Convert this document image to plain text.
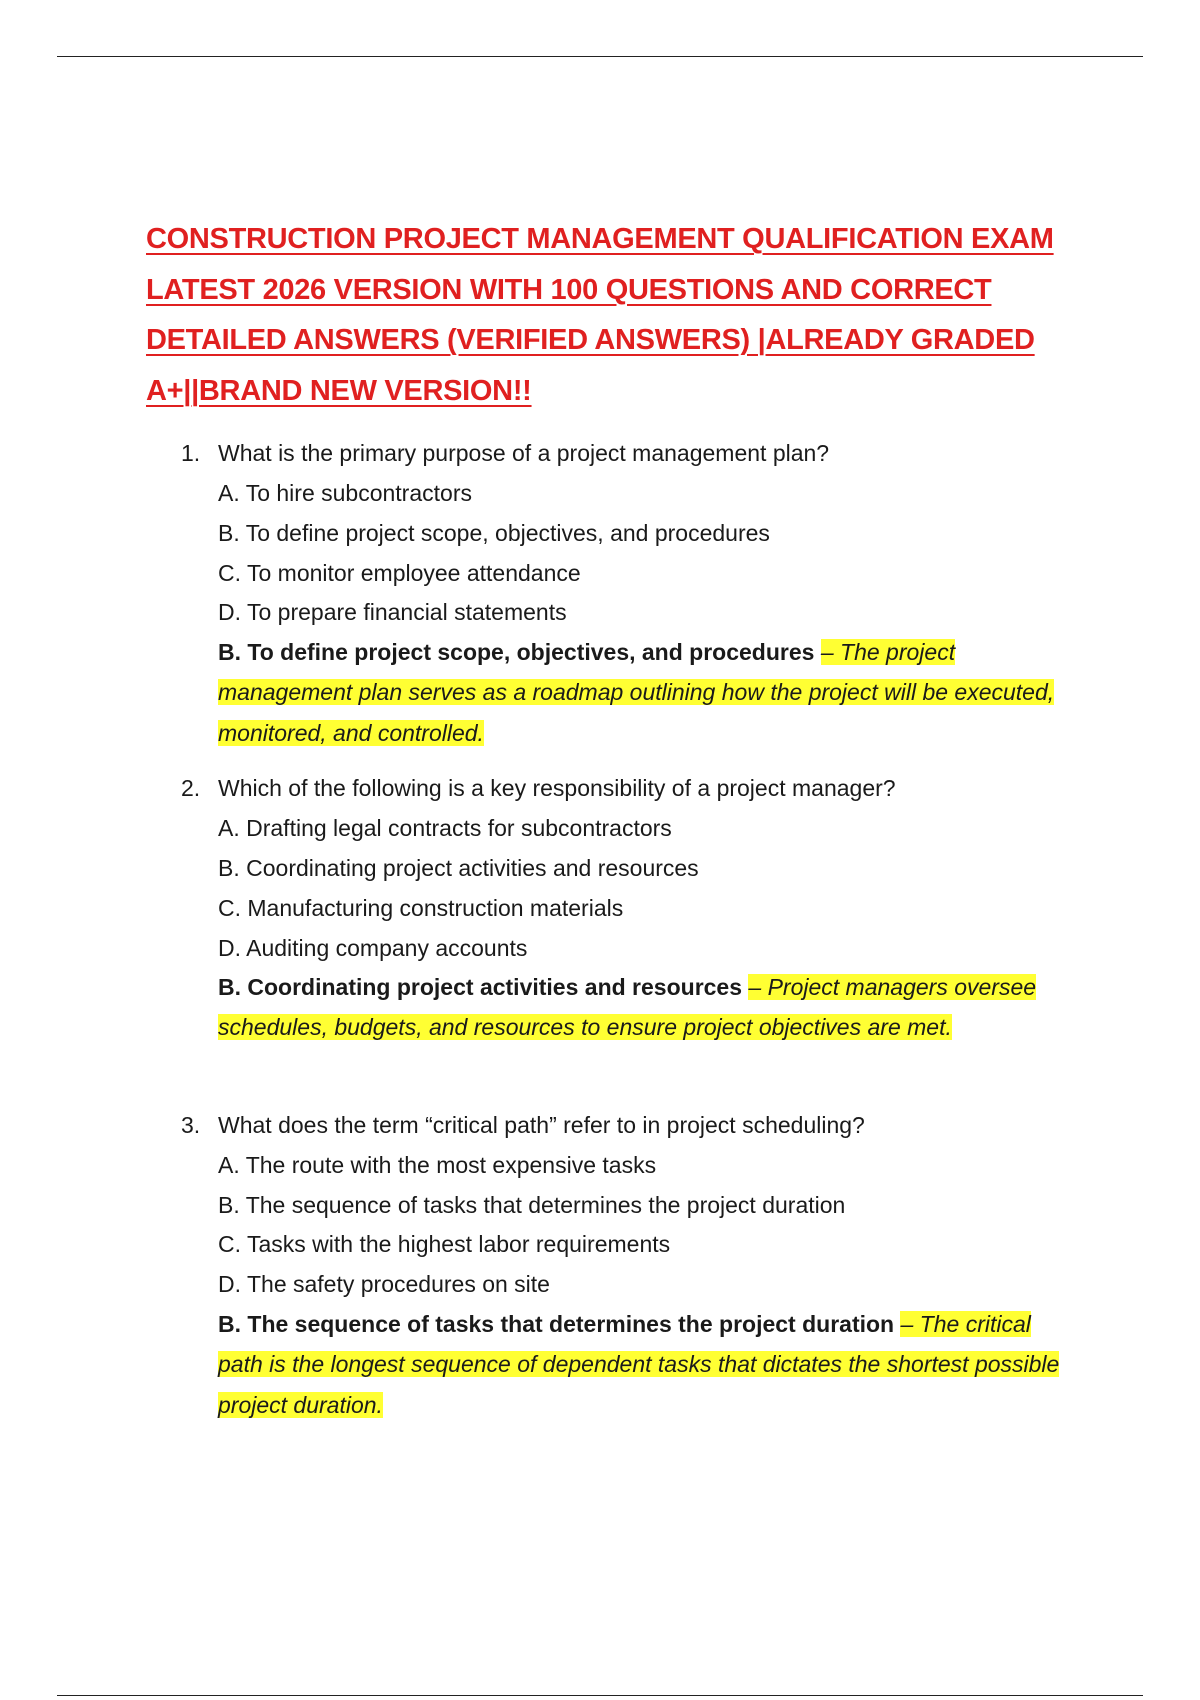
CONSTRUCTION PROJECT MANAGEMENT QUALIFICATION EXAM LATEST 2026 VERSION WITH 100 QUESTIONS AND CORRECT DETAILED ANSWERS (VERIFIED ANSWERS) |ALREADY GRADED A+||BRAND NEW VERSION!!
1. What is the primary purpose of a project management plan?
A. To hire subcontractors
B. To define project scope, objectives, and procedures
C. To monitor employee attendance
D. To prepare financial statements
B. To define project scope, objectives, and procedures – The project management plan serves as a roadmap outlining how the project will be executed, monitored, and controlled.
2. Which of the following is a key responsibility of a project manager?
A. Drafting legal contracts for subcontractors
B. Coordinating project activities and resources
C. Manufacturing construction materials
D. Auditing company accounts
B. Coordinating project activities and resources – Project managers oversee schedules, budgets, and resources to ensure project objectives are met.
3. What does the term “critical path” refer to in project scheduling?
A. The route with the most expensive tasks
B. The sequence of tasks that determines the project duration
C. Tasks with the highest labor requirements
D. The safety procedures on site
B. The sequence of tasks that determines the project duration – The critical path is the longest sequence of dependent tasks that dictates the shortest possible project duration.
